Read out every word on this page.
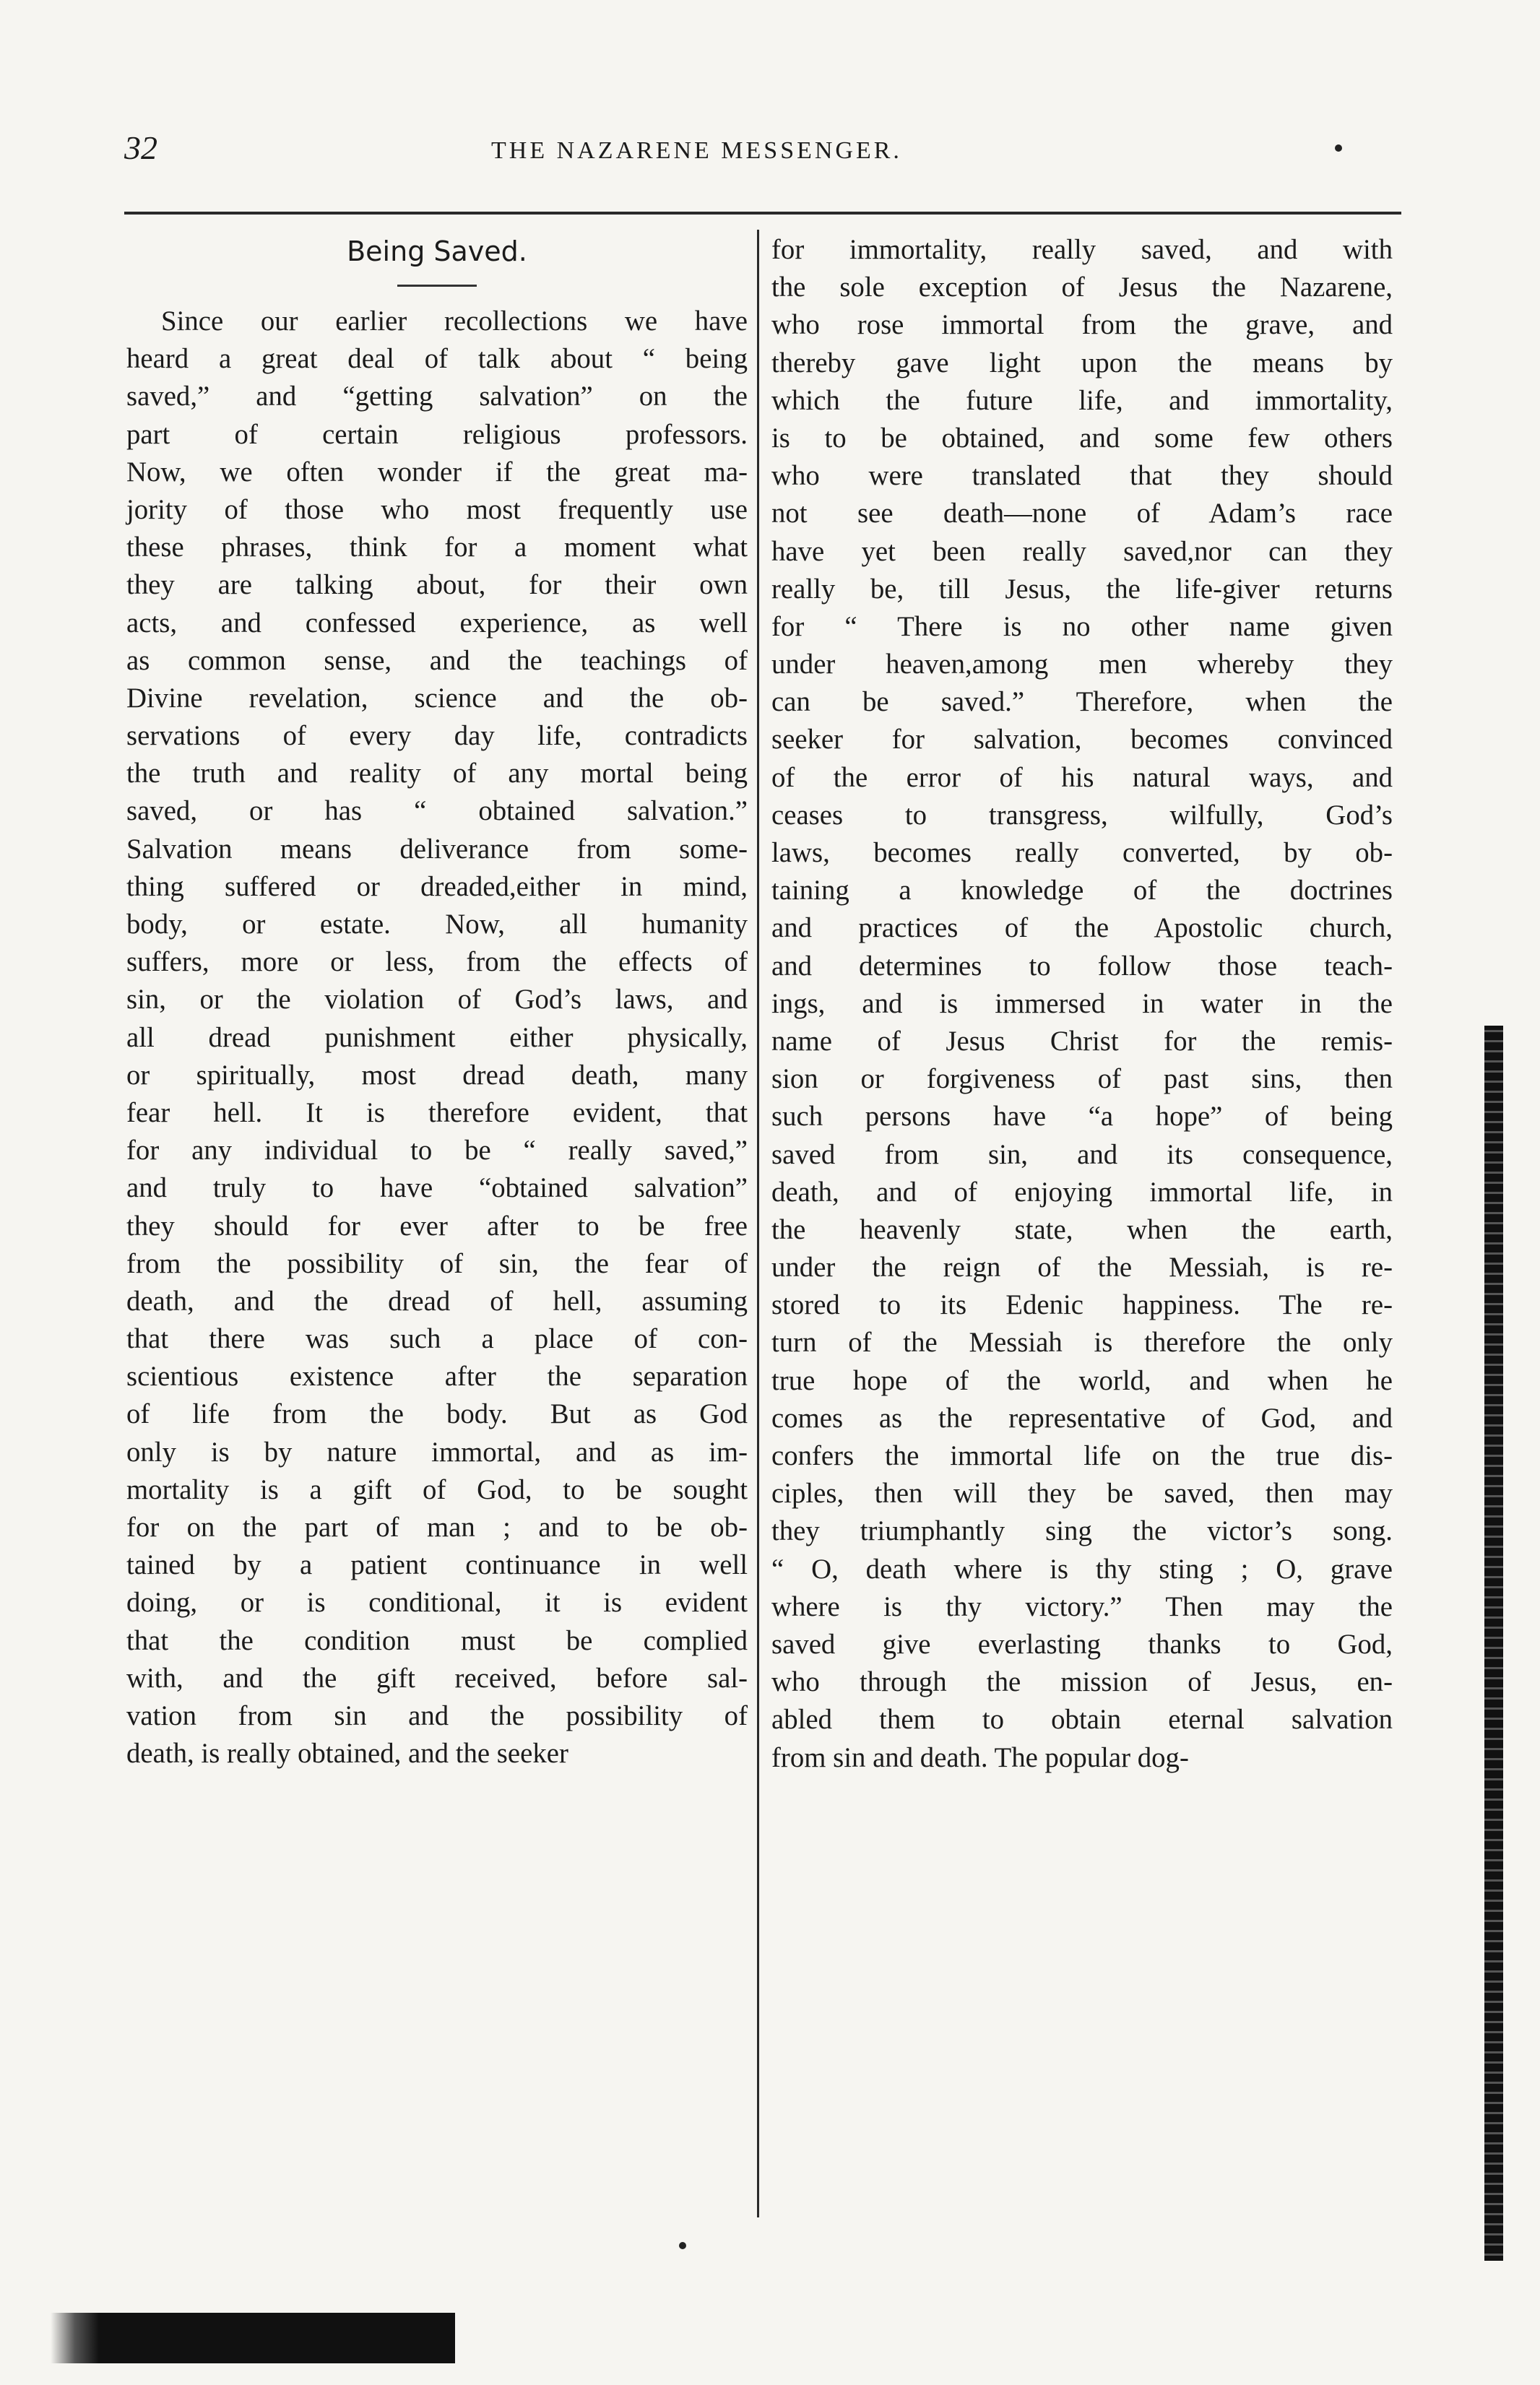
32	THE NAZARENE MESSENGER.
Being Saved.
Since our earlier recollections we have
heard a great deal of talk about “ being
saved,” and “getting salvation” on the
part of certain religious professors.
Now, we often wonder if the great ma-
jority of those who most frequently use
these phrases, think for a moment what
they are talking about, for their own
acts, and confessed experience, as well
as common sense, and the teachings of
Divine revelation, science and the ob-
servations of every day life, contradicts
the truth and reality of any mortal being
saved, or has “ obtained salvation.”
Salvation means deliverance from some-
thing suffered or dreaded,either in mind,
body, or estate. Now, all humanity
suffers, more or less, from the effects of
sin, or the violation of God’s laws, and
all dread punishment either physically,
or spiritually, most dread death, many
fear hell. It is therefore evident, that
for any individual to be “ really saved,”
and truly to have “obtained salvation”
they should for ever after to be free
from the possibility of sin, the fear of
death, and the dread of hell, assuming
that there was such a place of con-
scientious existence after the separation
of life from the body. But as God
only is by nature immortal, and as im-
mortality is a gift of God, to be sought
for on the part of man ; and to be ob-
tained by a patient continuance in well
doing, or is conditional, it is evident
that the condition must be complied
with, and the gift received, before sal-
vation from sin and the possibility of
death, is really obtained, and the seeker
for immortality, really saved, and with
the sole exception of Jesus the Nazarene,
who rose immortal from the grave, and
thereby gave light upon the means by
which the future life, and immortality,
is to be obtained, and some few others
who were translated that they should
not see death—none of Adam’s race
have yet been really saved,nor can they
really be, till Jesus, the life-giver returns
for “ There is no other name given
under heaven,among men whereby they
can be saved.” Therefore, when the
seeker for salvation, becomes convinced
of the error of his natural ways, and
ceases to transgress, wilfully, God’s
laws, becomes really converted, by ob-
taining a knowledge of the doctrines
and practices of the Apostolic church,
and determines to follow those teach-
ings, and is immersed in water in the
name of Jesus Christ for the remis-
sion or forgiveness of past sins, then
such persons have “a hope” of being
saved from sin, and its consequence,
death, and of enjoying immortal life, in
the heavenly state, when the earth,
under the reign of the Messiah, is re-
stored to its Edenic happiness. The re-
turn of the Messiah is therefore the only
true hope of the world, and when he
comes as the representative of God, and
confers the immortal life on the true dis-
ciples, then will they be saved, then may
they triumphantly sing the victor’s song.
“ O, death where is thy sting ; O, grave
where is thy victory.” Then may the
saved give everlasting thanks to God,
who through the mission of Jesus, en-
abled them to obtain eternal salvation
from sin and death. The popular dog-
